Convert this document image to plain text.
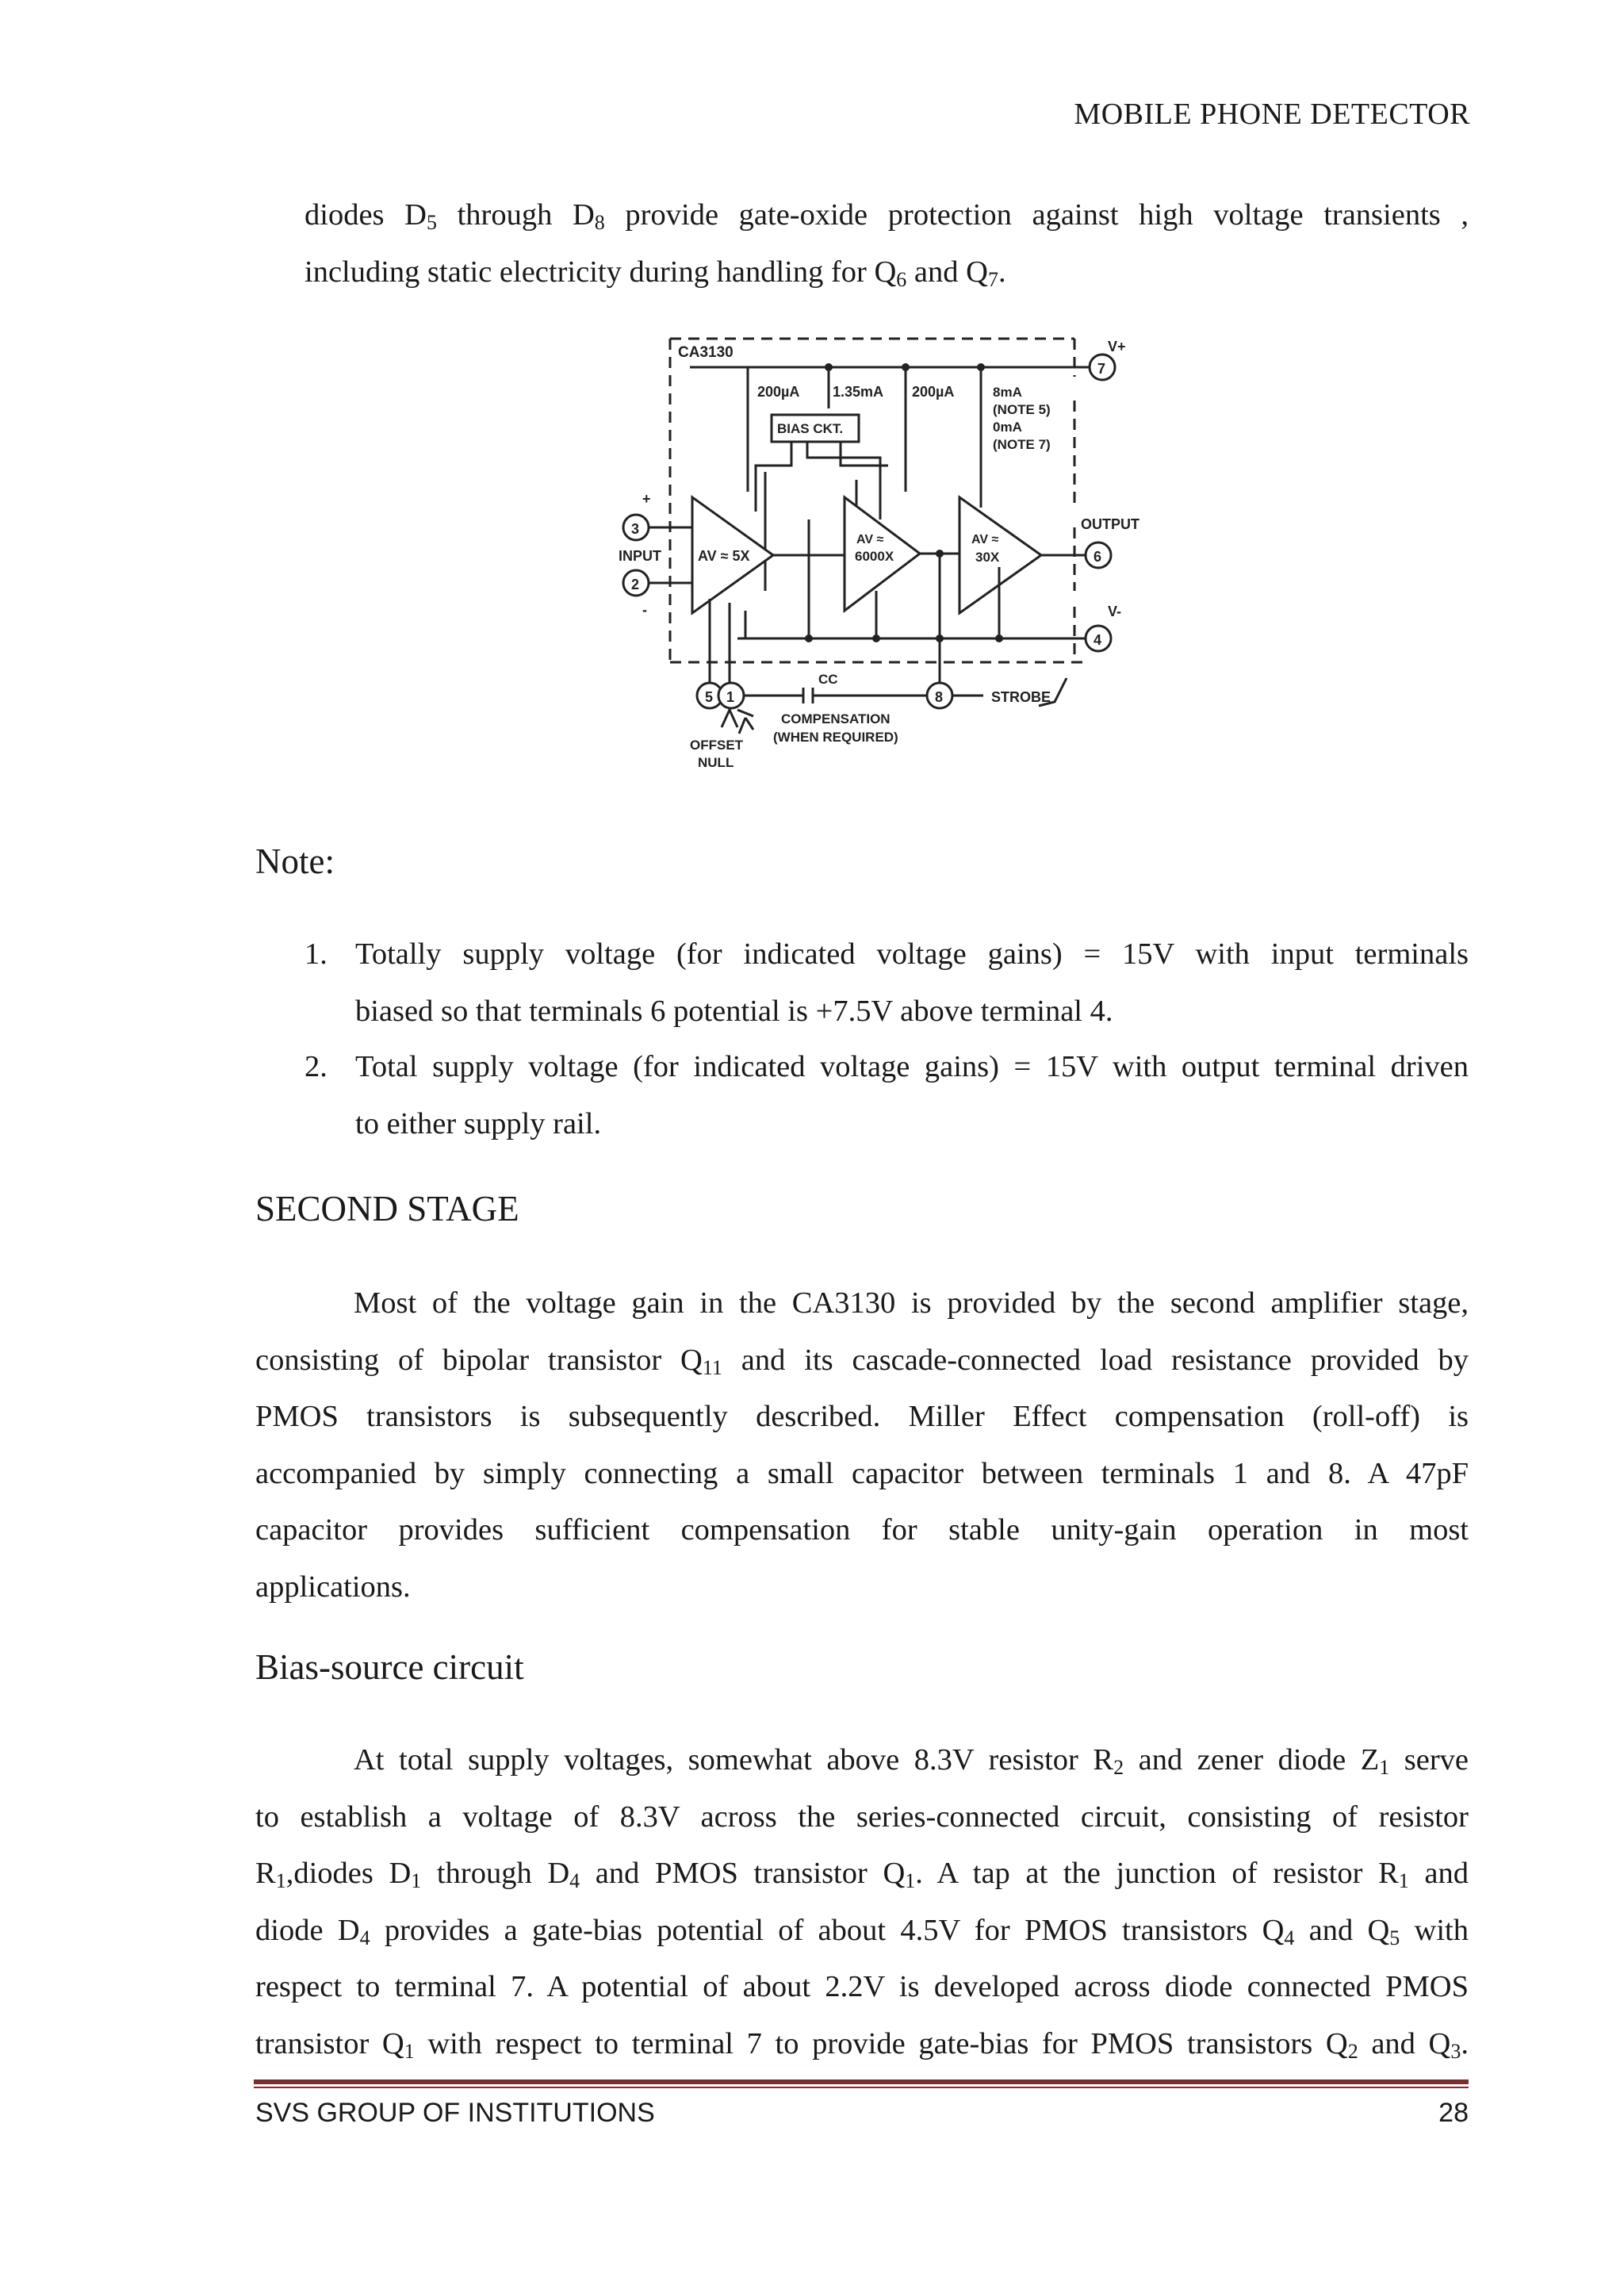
MOBILE PHONE DETECTOR
diodes $D_5$ through $D_8$ provide gate-oxide protection against high voltage transients ,
including static electricity during handling for $Q_6$ and $Q_7$.
CA3130
200µA 1.35mA 200µA
BIAS CKT.
8mA
(NOTE 5)
0mA
(NOTE 7)
AV ≈ 5X
AV ≈
6000X
AV ≈
30X
V+
V-
OUTPUT
INPUT
+
-
7
3
2
6
4
5 1	8
CC
STROBE
COMPENSATION
(WHEN REQUIRED)
OFFSET
NULL
Note:
1. Totally supply voltage (for indicated voltage gains) = 15V with input terminals
biased so that terminals 6 potential is +7.5V above terminal 4.
2. Total supply voltage (for indicated voltage gains) = 15V with output terminal driven
to either supply rail.
SECOND STAGE
Most of the voltage gain in the CA3130 is provided by the second amplifier stage,
consisting of bipolar transistor $Q_{11}$ and its cascade-connected load resistance provided by
PMOS transistors is subsequently described. Miller Effect compensation (roll-off) is
accompanied by simply connecting a small capacitor between terminals 1 and 8. A 47pF
capacitor provides sufficient compensation for stable unity-gain operation in most
applications.
Bias-source circuit
At total supply voltages, somewhat above 8.3V resistor $R_2$ and zener diode $Z_1$ serve
to establish a voltage of 8.3V across the series-connected circuit, consisting of resistor
$R_1,diodes$ $D_1$ through $D_4$ and PMOS transistor $Q_1$. A tap at the junction of resistor $R_1$ and
diode $D_4$ provides a gate-bias potential of about 4.5V for PMOS transistors $Q_4$ and $Q_5$ with
respect to terminal 7. A potential of about 2.2V is developed across diode connected PMOS
transistor $Q_1$ with respect to terminal 7 to provide gate-bias for PMOS transistors $Q_2$ and $Q_3$.
SVS GROUP OF INSTITUTIONS	28
